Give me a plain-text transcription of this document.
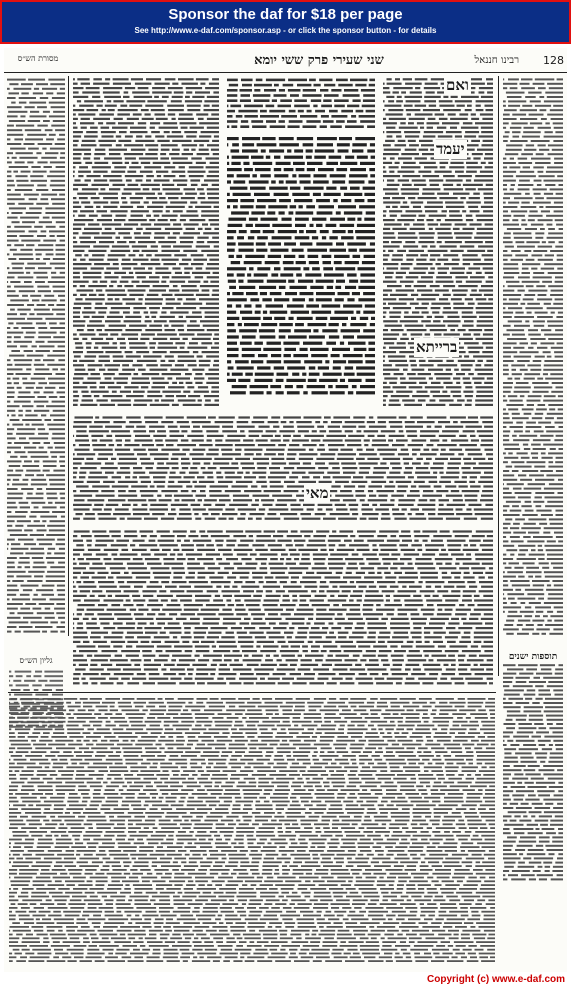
Sponsor the daf for $18 per page
See http://www.e-daf.com/sponsor.asp - or click the sponsor button - for details
128
שני שעירי פרק ששי יומא	רבינו חננאל
מסורת הש״ס
גליון הש״ס
ואם
יעמד
ברייתא
מאי
תוספות ישנים
Copyright (c) www.e-daf.com
